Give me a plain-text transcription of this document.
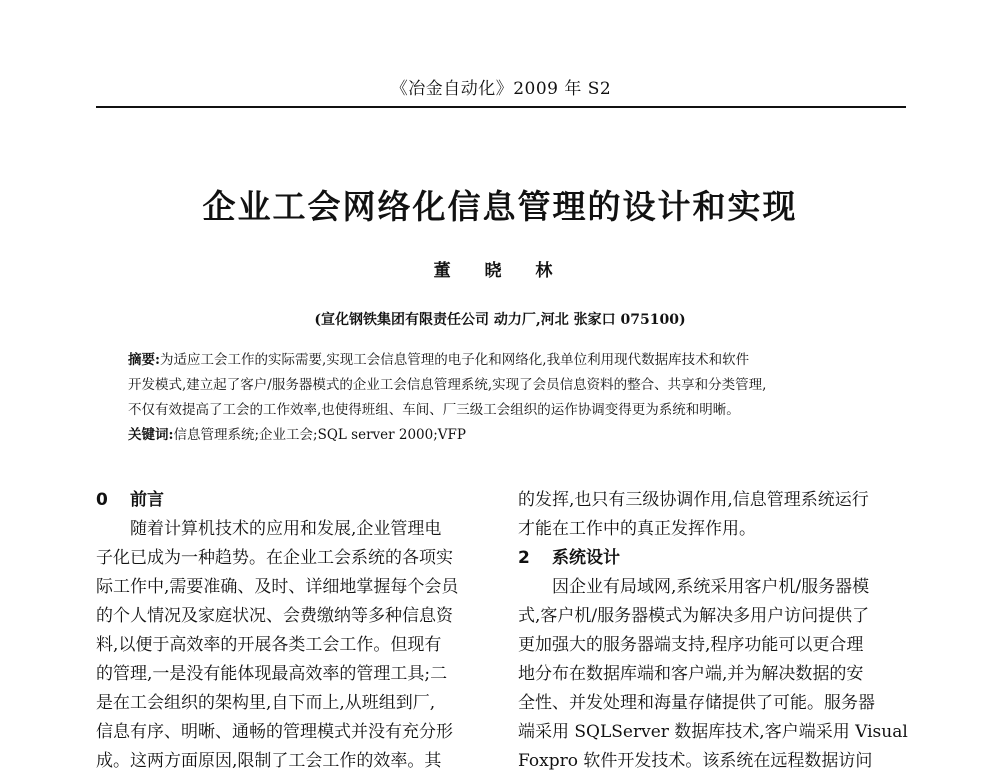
《冶金自动化》2009 年 S2
企业工会网络化信息管理的设计和实现
董 晓 林
(宣化钢铁集团有限责任公司 动力厂,河北 张家口 075100)
摘要:为适应工会工作的实际需要,实现工会信息管理的电子化和网络化,我单位利用现代数据库技术和软件
开发模式,建立起了客户/服务器模式的企业工会信息管理系统,实现了会员信息资料的整合、共享和分类管理,
不仅有效提高了工会的工作效率,也使得班组、车间、厂三级工会组织的运作协调变得更为系统和明晰。
关键词:信息管理系统;企业工会;SQL server 2000;VFP
0 前言
随着计算机技术的应用和发展,企业管理电
子化已成为一种趋势。在企业工会系统的各项实
际工作中,需要准确、及时、详细地掌握每个会员
的个人情况及家庭状况、会费缴纳等多种信息资
料,以便于高效率的开展各类工会工作。但现有
的管理,一是没有能体现最高效率的管理工具;二
是在工会组织的架构里,自下而上,从班组到厂,
信息有序、明晰、通畅的管理模式并没有充分形
成。这两方面原因,限制了工会工作的效率。其
的发挥,也只有三级协调作用,信息管理系统运行
才能在工作中的真正发挥作用。
2 系统设计
因企业有局域网,系统采用客户机/服务器模
式,客户机/服务器模式为解决多用户访问提供了
更加强大的服务器端支持,程序功能可以更合理
地分布在数据库端和客户端,并为解决数据的安
全性、并发处理和海量存储提供了可能。服务器
端采用 SQLServer 数据库技术,客户端采用 Visual
Foxpro 软件开发技术。该系统在远程数据访问
